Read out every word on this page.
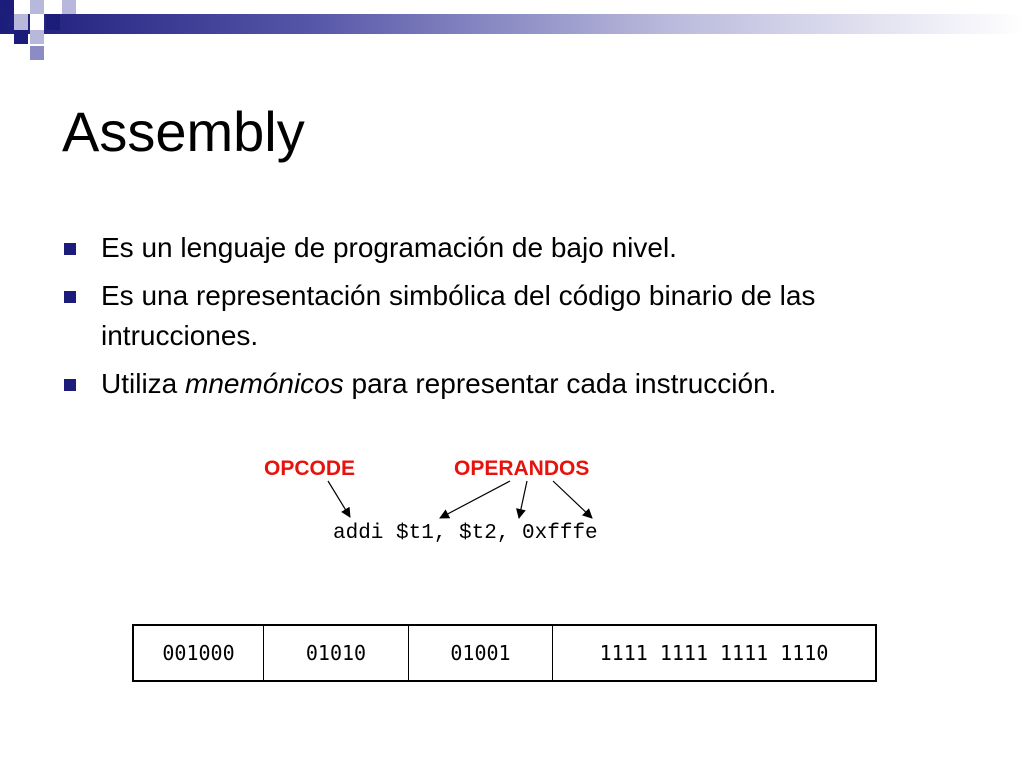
Assembly
Es un lenguaje de programación de bajo nivel.
Es una representación simbólica del código binario de las intrucciones.
Utiliza mnemónicos para representar cada instrucción.
OPCODE	OPERANDOS
addi $t1, $t2, 0xfffe
001000	01010	01001	1111 1111 1111 1110
